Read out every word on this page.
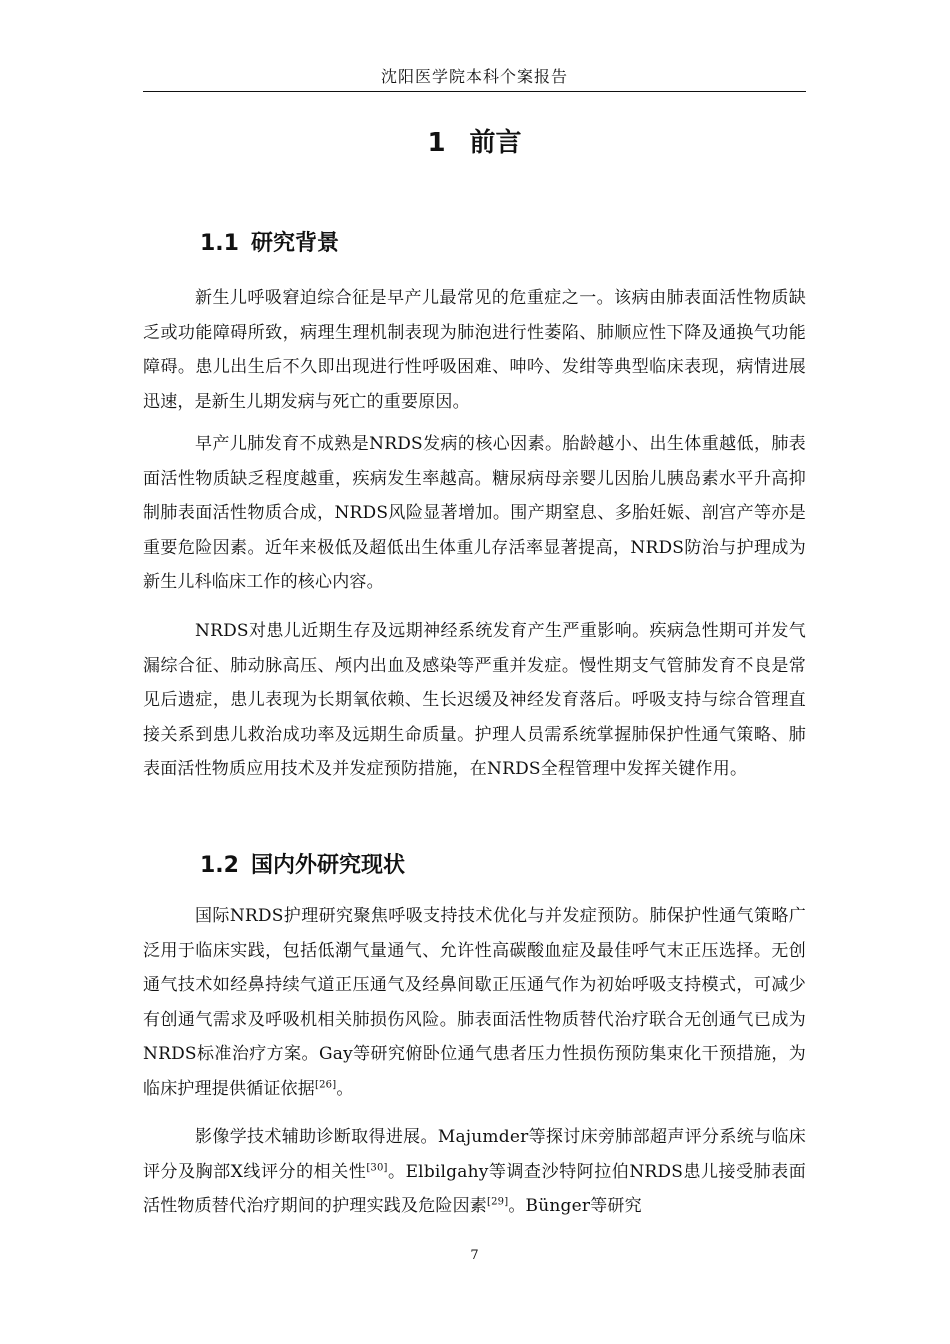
沈阳医学院本科个案报告
1 前言
1.1 研究背景

新生儿呼吸窘迫综合征是早产儿最常见的危重症之一。该病由肺表面活性物质缺乏或功能障碍所致，病理生理机制表现为肺泡进行性萎陷、肺顺应性下降及通换气功能障碍。患儿出生后不久即出现进行性呼吸困难、呻吟、发绀等典型临床表现，病情进展迅速，是新生儿期发病与死亡的重要原因。

早产儿肺发育不成熟是NRDS发病的核心因素。胎龄越小、出生体重越低，肺表面活性物质缺乏程度越重，疾病发生率越高。糖尿病母亲婴儿因胎儿胰岛素水平升高抑制肺表面活性物质合成，NRDS风险显著增加。围产期窒息、多胎妊娠、剖宫产等亦是重要危险因素。近年来极低及超低出生体重儿存活率显著提高，NRDS防治与护理成为新生儿科临床工作的核心内容。

NRDS对患儿近期生存及远期神经系统发育产生严重影响。疾病急性期可并发气漏综合征、肺动脉高压、颅内出血及感染等严重并发症。慢性期支气管肺发育不良是常见后遗症，患儿表现为长期氧依赖、生长迟缓及神经发育落后。呼吸支持与综合管理直接关系到患儿救治成功率及远期生命质量。护理人员需系统掌握肺保护性通气策略、肺表面活性物质应用技术及并发症预防措施，在NRDS全程管理中发挥关键作用。

1.2 国内外研究现状

国际NRDS护理研究聚焦呼吸支持技术优化与并发症预防。肺保护性通气策略广泛用于临床实践，包括低潮气量通气、允许性高碳酸血症及最佳呼气末正压选择。无创通气技术如经鼻持续气道正压通气及经鼻间歇正压通气作为初始呼吸支持模式，可减少有创通气需求及呼吸机相关肺损伤风险。肺表面活性物质替代治疗联合无创通气已成为NRDS标准治疗方案。Gay等研究俯卧位通气患者压力性损伤预防集束化干预措施，为临床护理提供循证依据[26]。

影像学技术辅助诊断取得进展。Majumder等探讨床旁肺部超声评分系统与临床评分及胸部X线评分的相关性[30]。Elbilgahy等调查沙特阿拉伯NRDS患儿接受肺表面活性物质替代治疗期间的护理实践及危险因素[29]。Bünger等研究

7
